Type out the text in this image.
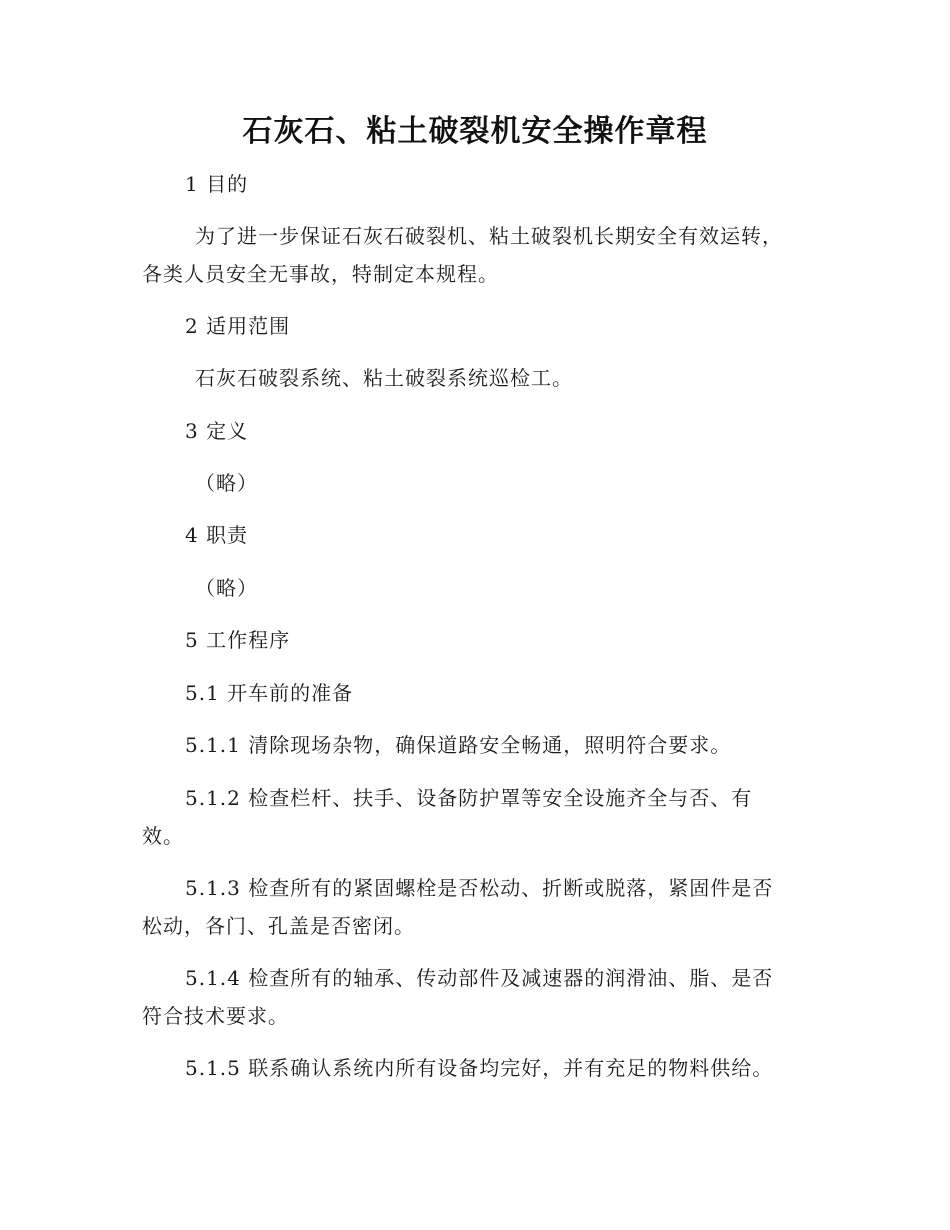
石灰石、粘土破裂机安全操作章程
1 目的
为了进一步保证石灰石破裂机、粘土破裂机长期安全有效运转，
各类人员安全无事故，特制定本规程。
2 适用范围
石灰石破裂系统、粘土破裂系统巡检工。
3 定义
（略）
4 职责
（略）
5 工作程序
5.1 开车前的准备
5.1.1 清除现场杂物，确保道路安全畅通，照明符合要求。
5.1.2 检查栏杆、扶手、设备防护罩等安全设施齐全与否、有
效。
5.1.3 检查所有的紧固螺栓是否松动、折断或脱落，紧固件是否
松动，各门、孔盖是否密闭。
5.1.4 检查所有的轴承、传动部件及减速器的润滑油、脂、是否
符合技术要求。
5.1.5 联系确认系统内所有设备均完好，并有充足的物料供给。
